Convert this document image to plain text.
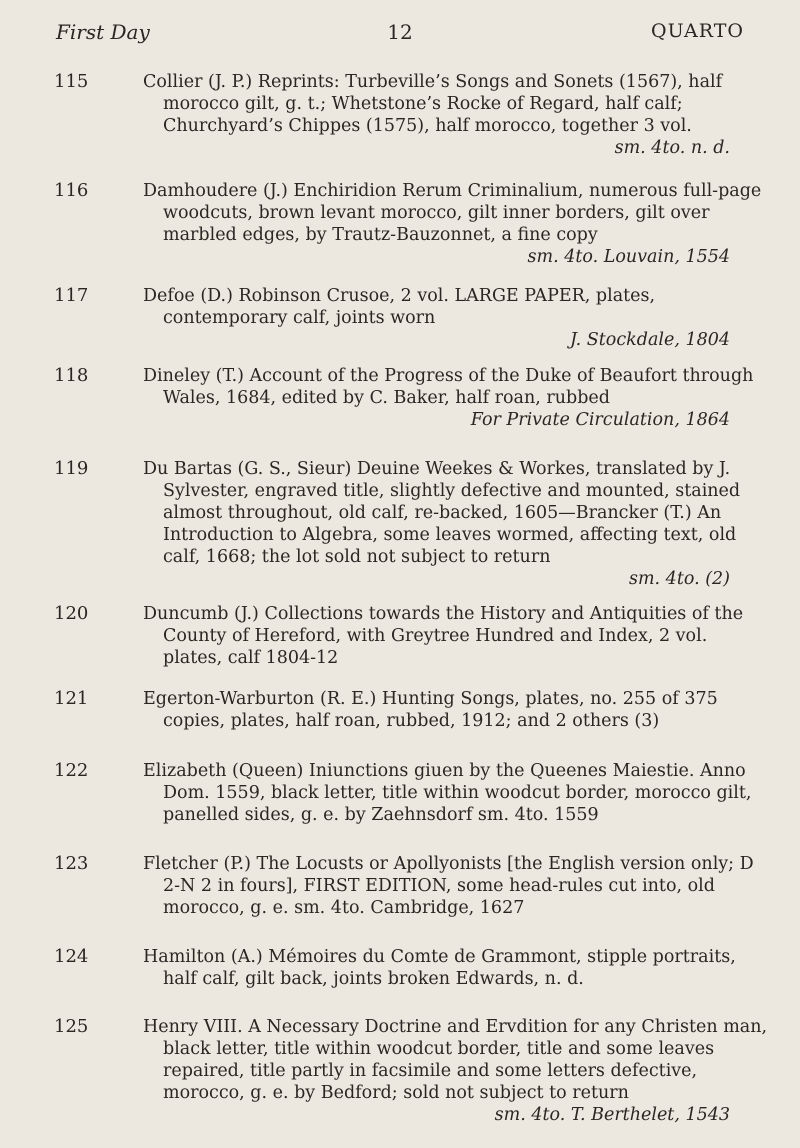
First Day	12	QUARTO
115	Collier (J. P.) Reprints: Turbeville’s Songs and Sonets (1567), half morocco gilt, g. t.; Whetstone’s Rocke of Regard, half calf; Churchyard’s Chippes (1575), half morocco, together 3 vol.
sm. 4to. n. d.
116	Damhoudere (J.) Enchiridion Rerum Criminalium, numerous full-page woodcuts, brown levant morocco, gilt inner borders, gilt over marbled edges, by Trautz-Bauzonnet, a fine copy
sm. 4to. Louvain, 1554
117	Defoe (D.) Robinson Crusoe, 2 vol. LARGE PAPER, plates, contemporary calf, joints worn
J. Stockdale, 1804
118	Dineley (T.) Account of the Progress of the Duke of Beaufort through Wales, 1684, edited by C. Baker, half roan, rubbed
For Private Circulation, 1864
119	Du Bartas (G. S., Sieur) Deuine Weekes & Workes, translated by J. Sylvester, engraved title, slightly defective and mounted, stained almost throughout, old calf, re-backed, 1605—Brancker (T.) An Introduction to Algebra, some leaves wormed, affecting text, old calf, 1668; the lot sold not subject to return
sm. 4to. (2)
120	Duncumb (J.) Collections towards the History and Antiquities of the County of Hereford, with Greytree Hundred and Index, 2 vol. plates, calf 1804-12
121	Egerton-Warburton (R. E.) Hunting Songs, plates, no. 255 of 375 copies, plates, half roan, rubbed, 1912; and 2 others (3)
122	Elizabeth (Queen) Iniunctions giuen by the Queenes Maiestie. Anno Dom. 1559, black letter, title within woodcut border, morocco gilt, panelled sides, g. e. by Zaehnsdorf sm. 4to. 1559
123	Fletcher (P.) The Locusts or Apollyonists [the English version only; D 2-N 2 in fours], FIRST EDITION, some head-rules cut into, old morocco, g. e. sm. 4to. Cambridge, 1627
124	Hamilton (A.) Mémoires du Comte de Grammont, stipple portraits, half calf, gilt back, joints broken Edwards, n. d.
125	Henry VIII. A Necessary Doctrine and Ervdition for any Christen man, black letter, title within woodcut border, title and some leaves repaired, title partly in facsimile and some letters defective, morocco, g. e. by Bedford; sold not subject to return
sm. 4to. T. Berthelet, 1543
